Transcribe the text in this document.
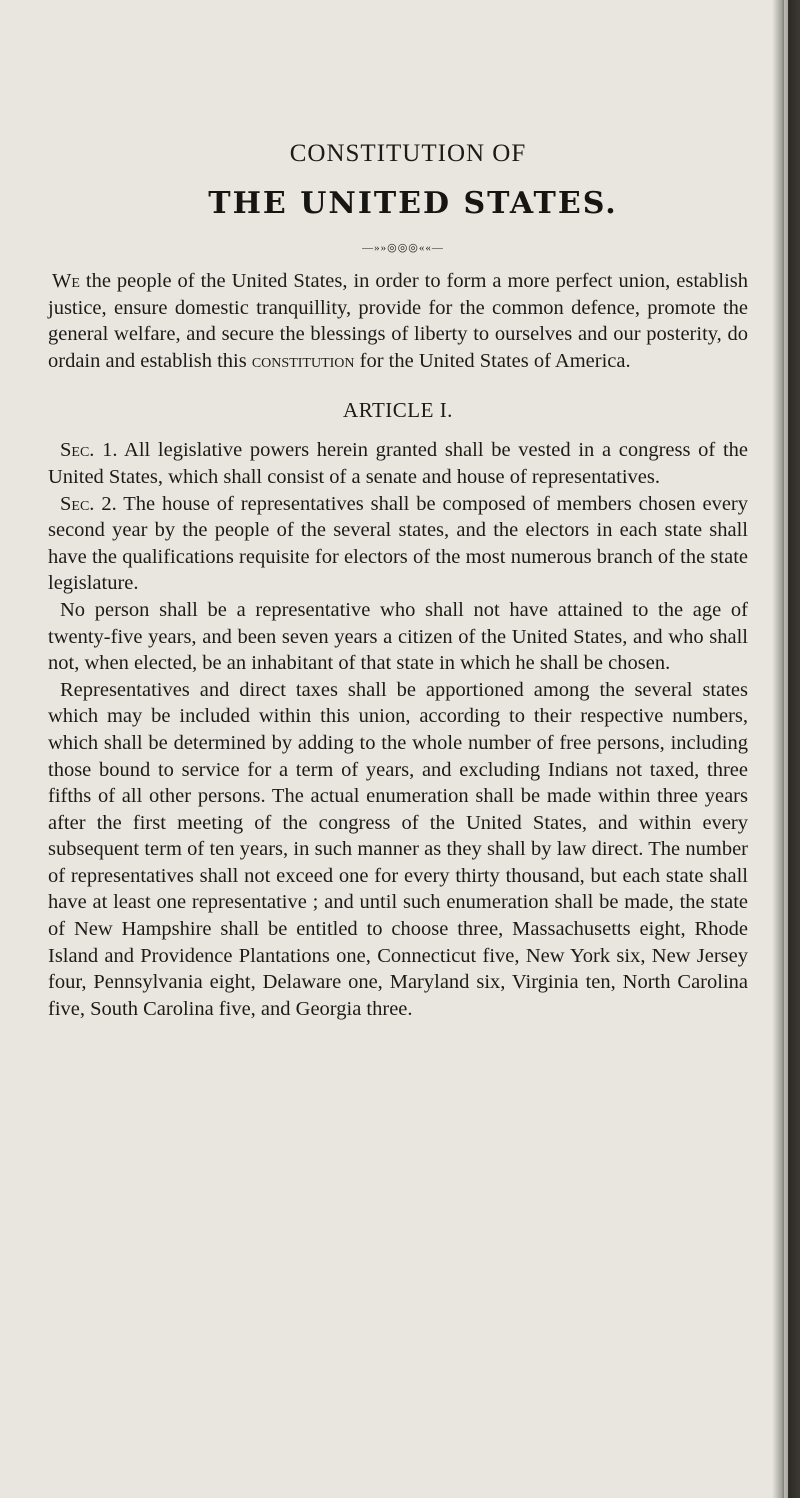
CONSTITUTION OF
THE UNITED STATES.
—»»◎◎◎««—

We the people of the United States, in order to form a more perfect union, establish justice, ensure domestic tranquillity, provide for the common defence, promote the general welfare, and secure the blessings of liberty to ourselves and our posterity, do ordain and establish this constitution for the United States of America.

ARTICLE I.

Sec. 1. All legislative powers herein granted shall be vested in a congress of the United States, which shall consist of a senate and house of representatives.

Sec. 2. The house of representatives shall be composed of members chosen every second year by the people of the several states, and the electors in each state shall have the qualifications requisite for electors of the most numerous branch of the state legislature.

No person shall be a representative who shall not have attained to the age of twenty-five years, and been seven years a citizen of the United States, and who shall not, when elected, be an inhabitant of that state in which he shall be chosen.

Representatives and direct taxes shall be apportioned among the several states which may be included within this union, according to their respective numbers, which shall be determined by adding to the whole number of free persons, including those bound to service for a term of years, and excluding Indians not taxed, three fifths of all other persons. The actual enumeration shall be made within three years after the first meeting of the congress of the United States, and within every subsequent term of ten years, in such manner as they shall by law direct. The number of representatives shall not exceed one for every thirty thousand, but each state shall have at least one representative ; and until such enumeration shall be made, the state of New Hampshire shall be entitled to choose three, Massachusetts eight, Rhode Island and Providence Plantations one, Connecticut five, New York six, New Jersey four, Pennsylvania eight, Delaware one, Maryland six, Virginia ten, North Carolina five, South Carolina five, and Georgia three.
